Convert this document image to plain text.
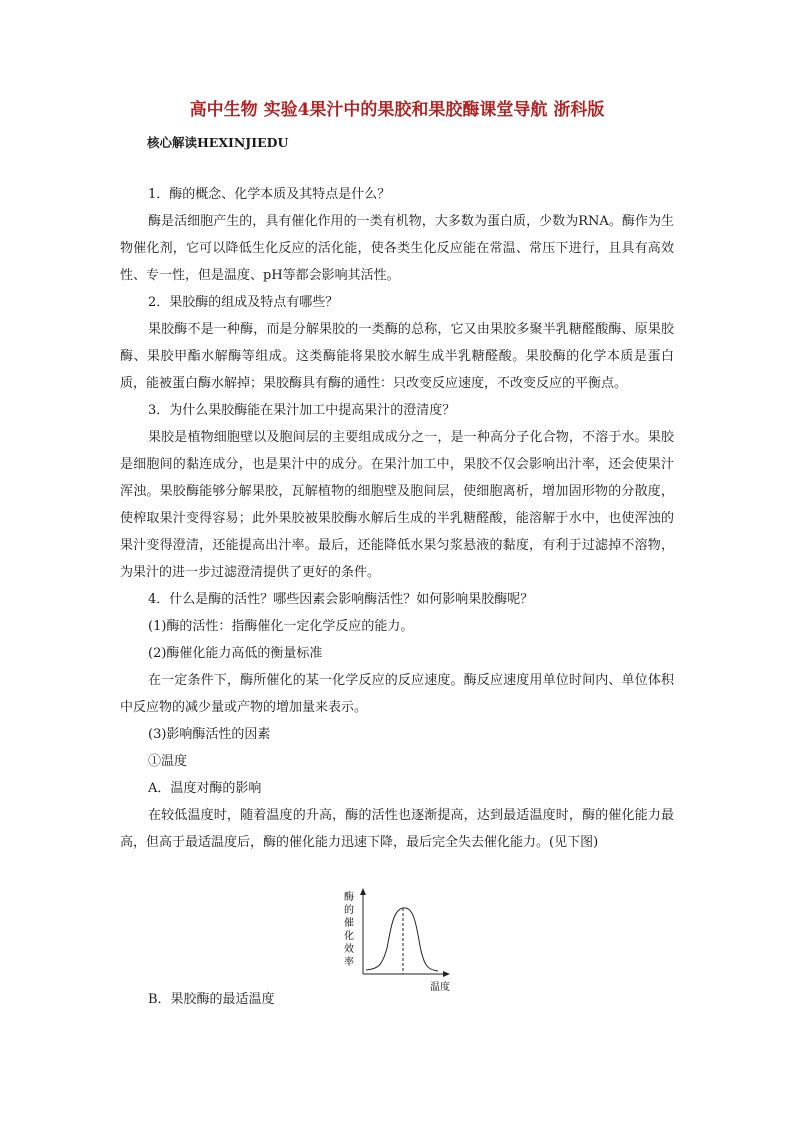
高中生物 实验4果汁中的果胶和果胶酶课堂导航 浙科版
核心解读HEXINJIEDU

1．酶的概念、化学本质及其特点是什么？

酶是活细胞产生的，具有催化作用的一类有机物，大多数为蛋白质，少数为RNA。酶作为生物催化剂，它可以降低生化反应的活化能，使各类生化反应能在常温、常压下进行，且具有高效性、专一性，但是温度、pH等都会影响其活性。

2．果胶酶的组成及特点有哪些？

果胶酶不是一种酶，而是分解果胶的一类酶的总称，它又由果胶多聚半乳糖醛酸酶、原果胶酶、果胶甲酯水解酶等组成。这类酶能将果胶水解生成半乳糖醛酸。果胶酶的化学本质是蛋白质，能被蛋白酶水解掉；果胶酶具有酶的通性：只改变反应速度，不改变反应的平衡点。

3．为什么果胶酶能在果汁加工中提高果汁的澄清度？

果胶是植物细胞壁以及胞间层的主要组成成分之一，是一种高分子化合物，不溶于水。果胶是细胞间的黏连成分，也是果汁中的成分。在果汁加工中，果胶不仅会影响出汁率，还会使果汁浑浊。果胶酶能够分解果胶，瓦解植物的细胞壁及胞间层，使细胞离析，增加固形物的分散度，使榨取果汁变得容易；此外果胶被果胶酶水解后生成的半乳糖醛酸，能溶解于水中，也使浑浊的果汁变得澄清，还能提高出汁率。最后，还能降低水果匀浆悬液的黏度，有利于过滤掉不溶物，为果汁的进一步过滤澄清提供了更好的条件。

4．什么是酶的活性？哪些因素会影响酶活性？如何影响果胶酶呢？

(1)酶的活性：指酶催化一定化学反应的能力。

(2)酶催化能力高低的衡量标准

在一定条件下，酶所催化的某一化学反应的反应速度。酶反应速度用单位时间内、单位体积中反应物的减少量或产物的增加量来表示。

(3)影响酶活性的因素

①温度

A．温度对酶的影响

在较低温度时，随着温度的升高，酶的活性也逐渐提高，达到最适温度时，酶的催化能力最高，但高于最适温度后，酶的催化能力迅速下降，最后完全失去催化能力。(见下图)

酶
的
催
化
效
率
温度

B．果胶酶的最适温度
